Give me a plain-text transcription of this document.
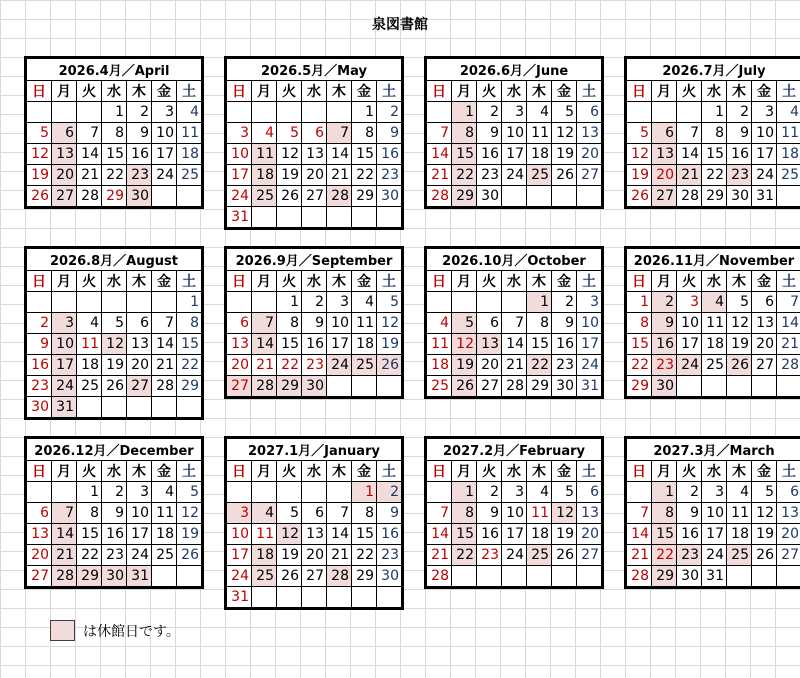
泉図書館
2026.4月／April						
日	月	火	水	木	金	土
			1	2	3	4
5	6	7	8	9	10	11
12	13	14	15	16	17	18
19	20	21	22	23	24	25
26	27	28	29	30		
2026.5月／May						
日	月	火	水	木	金	土
					1	2
3	4	5	6	7	8	9
10	11	12	13	14	15	16
17	18	19	20	21	22	23
24	25	26	27	28	29	30
31						
2026.6月／June						
日	月	火	水	木	金	土
	1	2	3	4	5	6
7	8	9	10	11	12	13
14	15	16	17	18	19	20
21	22	23	24	25	26	27
28	29	30				
2026.7月／July						
日	月	火	水	木	金	土
			1	2	3	4
5	6	7	8	9	10	11
12	13	14	15	16	17	18
19	20	21	22	23	24	25
26	27	28	29	30	31	
2026.8月／August						
日	月	火	水	木	金	土
						1
2	3	4	5	6	7	8
9	10	11	12	13	14	15
16	17	18	19	20	21	22
23	24	25	26	27	28	29
30	31					
2026.9月／September						
日	月	火	水	木	金	土
		1	2	3	4	5
6	7	8	9	10	11	12
13	14	15	16	17	18	19
20	21	22	23	24	25	26
27	28	29	30			
2026.10月／October						
日	月	火	水	木	金	土
				1	2	3
4	5	6	7	8	9	10
11	12	13	14	15	16	17
18	19	20	21	22	23	24
25	26	27	28	29	30	31
2026.11月／November						
日	月	火	水	木	金	土
1	2	3	4	5	6	7
8	9	10	11	12	13	14
15	16	17	18	19	20	21
22	23	24	25	26	27	28
29	30					
2026.12月／December						
日	月	火	水	木	金	土
		1	2	3	4	5
6	7	8	9	10	11	12
13	14	15	16	17	18	19
20	21	22	23	24	25	26
27	28	29	30	31		
2027.1月／January						
日	月	火	水	木	金	土
					1	2
3	4	5	6	7	8	9
10	11	12	13	14	15	16
17	18	19	20	21	22	23
24	25	26	27	28	29	30
31						
2027.2月／February						
日	月	火	水	木	金	土
	1	2	3	4	5	6
7	8	9	10	11	12	13
14	15	16	17	18	19	20
21	22	23	24	25	26	27
28						
2027.3月／March						
日	月	火	水	木	金	土
	1	2	3	4	5	6
7	8	9	10	11	12	13
14	15	16	17	18	19	20
21	22	23	24	25	26	27
28	29	30	31			
は休館日です。
